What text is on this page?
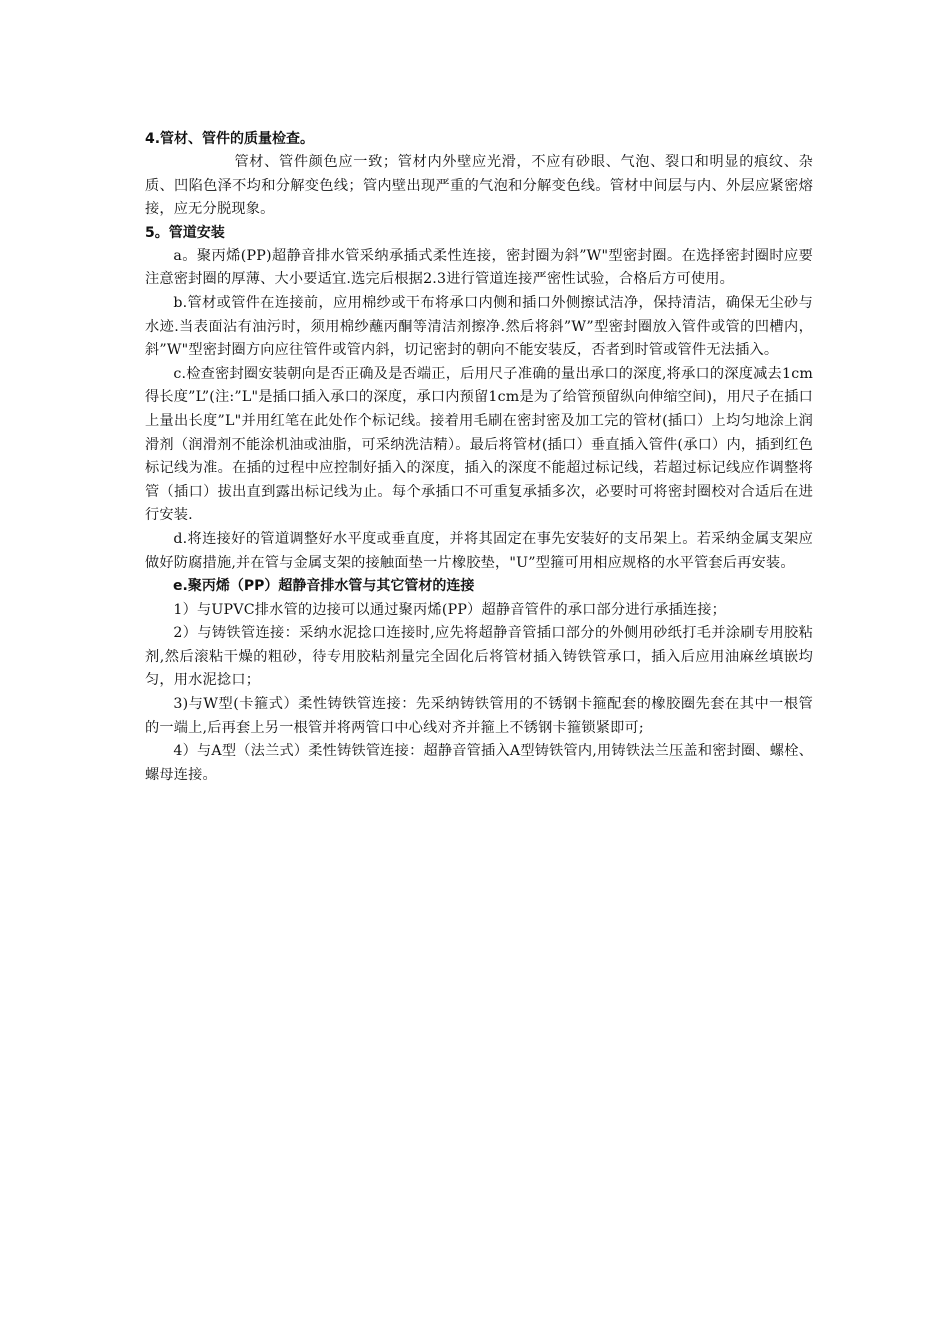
4.管材、管件的质量检查。

管材、管件颜色应一致；管材内外壁应光滑，不应有砂眼、气泡、裂口和明显的痕纹、杂质、凹陷色泽不均和分解变色线；管内壁出现严重的气泡和分解变色线。管材中间层与内、外层应紧密熔接，应无分脱现象。

5。管道安装

a。聚丙烯(PP)超静音排水管采纳承插式柔性连接，密封圈为斜”W"型密封圈。在选择密封圈时应要注意密封圈的厚薄、大小要适宜.选完后根据2.3进行管道连接严密性试验，合格后方可使用。

b.管材或管件在连接前，应用棉纱或干布将承口内侧和插口外侧擦试洁净，保持清洁，确保无尘砂与水迹.当表面沾有油污时，须用棉纱蘸丙酮等清洁剂擦净.然后将斜”W”型密封圈放入管件或管的凹槽内，斜”W"型密封圈方向应往管件或管内斜，切记密封的朝向不能安装反，否者到时管或管件无法插入。

c.检查密封圈安装朝向是否正确及是否端正，后用尺子准确的量出承口的深度,将承口的深度减去1cm得长度”L”(注:”L"是插口插入承口的深度，承口内预留1cm是为了给管预留纵向伸缩空间)，用尺子在插口上量出长度”L"并用红笔在此处作个标记线。接着用毛刷在密封密及加工完的管材(插口）上均匀地涂上润滑剂（润滑剂不能涂机油或油脂，可采纳洗洁精）。最后将管材(插口）垂直插入管件(承口）内，插到红色标记线为准。在插的过程中应控制好插入的深度，插入的深度不能超过标记线，若超过标记线应作调整将管（插口）拔出直到露出标记线为止。每个承插口不可重复承插多次，必要时可将密封圈校对合适后在进行安装.

d.将连接好的管道调整好水平度或垂直度，并将其固定在事先安装好的支吊架上。若采纳金属支架应做好防腐措施,并在管与金属支架的接触面垫一片橡胶垫，"U”型箍可用相应规格的水平管套后再安装。

e.聚丙烯（PP）超静音排水管与其它管材的连接

1）与UPVC排水管的边接可以通过聚丙烯(PP）超静音管件的承口部分进行承插连接；

2）与铸铁管连接：采纳水泥捻口连接时,应先将超静音管插口部分的外侧用砂纸打毛并涂刷专用胶粘剂,然后滚粘干燥的粗砂，待专用胶粘剂量完全固化后将管材插入铸铁管承口，插入后应用油麻丝填嵌均匀，用水泥捻口；

3)与W型(卡箍式）柔性铸铁管连接：先采纳铸铁管用的不锈钢卡箍配套的橡胶圈先套在其中一根管的一端上,后再套上另一根管并将两管口中心线对齐并箍上不锈钢卡箍锁紧即可;

4）与A型（法兰式）柔性铸铁管连接：超静音管插入A型铸铁管内,用铸铁法兰压盖和密封圈、螺栓、螺母连接。
